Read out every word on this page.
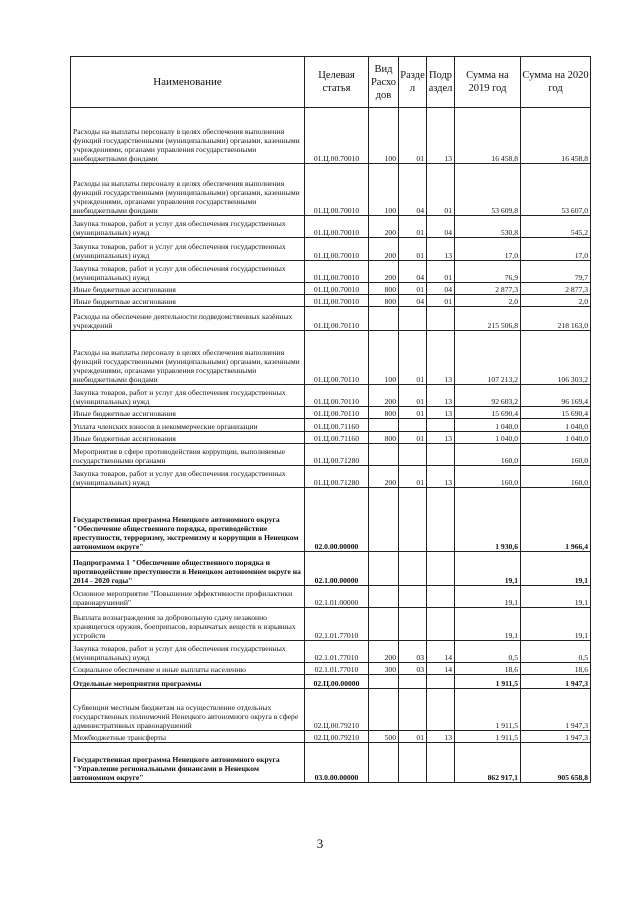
Наименование	Целевая статья	Вид Расхо дов	Разде л	Подр аздел	Сумма на 2019 год	Сумма на 2020 год
Расходы на выплаты персоналу в целях обеспечения выполнения функций государственными (муниципальными) органами, казенными учреждениями, органами управления государственными внебюджетными фондами	01.Ц.00.70010	100	01	13	16 458,8	16 458,8
Расходы на выплаты персоналу в целях обеспечения выполнения функций государственными (муниципальными) органами, казенными учреждениями, органами управления государственными внебюджетными фондами	01.Ц.00.70010	100	04	01	53 609,8	53 607,0
Закупка товаров, работ и услуг для обеспечения государственных (муниципальных) нужд	01.Ц.00.70010	200	01	04	530,8	545,2
Закупка товаров, работ и услуг для обеспечения государственных (муниципальных) нужд	01.Ц.00.70010	200	01	13	17,0	17,0
Закупка товаров, работ и услуг для обеспечения государственных (муниципальных) нужд	01.Ц.00.70010	200	04	01	76,9	79,7
Иные бюджетные ассигнования	01.Ц.00.70010	800	01	04	2 877,3	2 877,3
Иные бюджетные ассигнования	01.Ц.00.70010	800	04	01	2,0	2,0
Расходы на обеспечение деятельности подведомственных казённых учреждений	01.Ц.00.70110				215 506,8	218 163,0
Расходы на выплаты персоналу в целях обеспечения выполнения функций государственными (муниципальными) органами, казенными учреждениями, органами управления государственными внебюджетными фондами	01.Ц.00.70110	100	01	13	107 213,2	106 303,2
Закупка товаров, работ и услуг для обеспечения государственных (муниципальных) нужд	01.Ц.00.70110	200	01	13	92 603,2	96 169,4
Иные бюджетные ассигнования	01.Ц.00.70110	800	01	13	15 690,4	15 690,4
Уплата членских взносов в некоммерческие организации	01.Ц.00.71160				1 040,0	1 040,0
Иные бюджетные ассигнования	01.Ц.00.71160	800	01	13	1 040,0	1 040,0
Мероприятия в сфере противодействия коррупции, выполняемые государственными органами	01.Ц.00.71280				160,0	160,0
Закупка товаров, работ и услуг для обеспечения государственных (муниципальных) нужд	01.Ц.00.71280	200	01	13	160,0	160,0
Государственная программа Ненецкого автономного округа "Обеспечение общественного порядка, противодействие преступности, терроризму, экстремизму и коррупции в Ненецком автономном округе"	02.0.00.00000				1 930,6	1 966,4
Подпрограмма 1 "Обеспечение общественного порядка и противодействие преступности в Ненецком автономном округе на 2014 - 2020 годы"	02.1.00.00000				19,1	19,1
Основное мероприятие "Повышение эффективности профилактики правонарушений"	02.1.01.00000				19,1	19,1
Выплата вознаграждения за добровольную сдачу незаконно хранящегося оружия, боеприпасов, взрывчатых веществ и взрывных устройств	02.1.01.77010				19,1	19,1
Закупка товаров, работ и услуг для обеспечения государственных (муниципальных) нужд	02.1.01.77010	200	03	14	0,5	0,5
Социальное обеспечение и иные выплаты населению	02.1.01.77010	300	03	14	18,6	18,6
Отдельные мероприятия программы	02.Ц.00.00000				1 911,5	1 947,3
Субвенции местным бюджетам на осуществление отдельных государственных полномочий Ненецкого автономного округа в сфере административных правонарушений	02.Ц.00.79210				1 911,5	1 947,3
Межбюджетные трансферты	02.Ц.00.79210	500	01	13	1 911,5	1 947,3
Государственная программа Ненецкого автономного округа "Управление региональными финансами в Ненецком автономном округе"	03.0.00.00000				862 917,1	905 658,8
3
